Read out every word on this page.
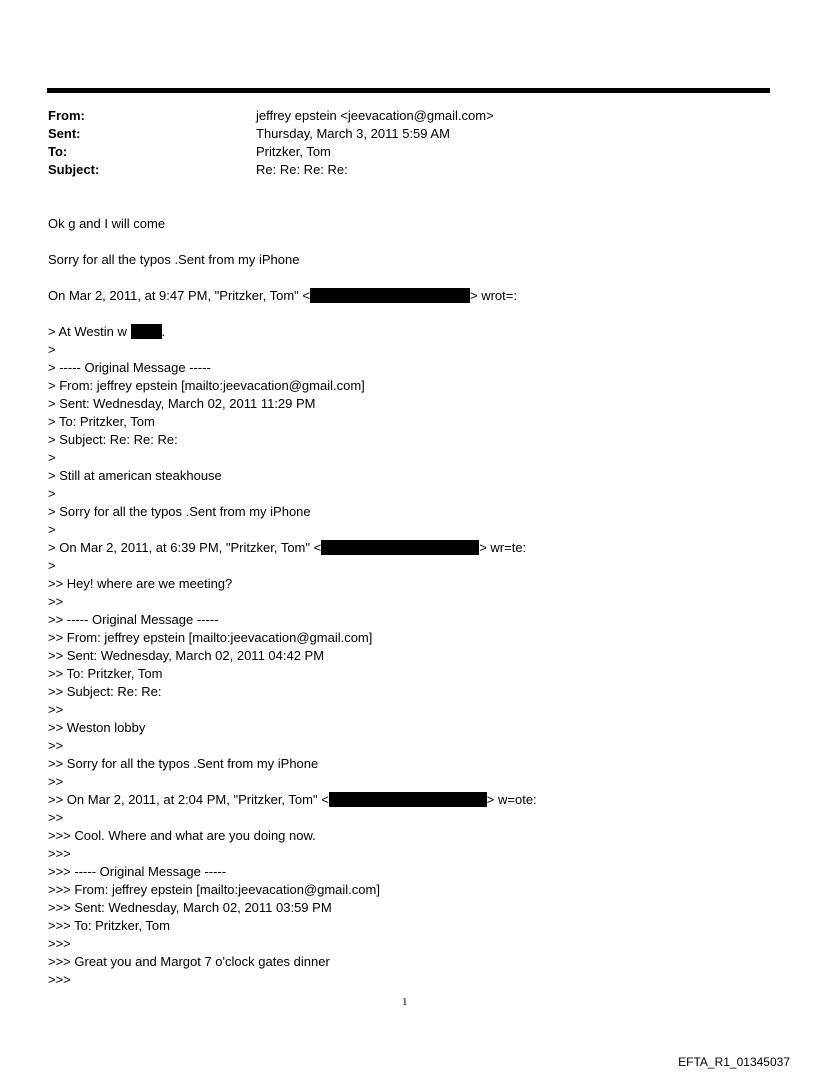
From:	jeffrey epstein <jeevacation@gmail.com>
Sent:	Thursday, March 3, 2011 5:59 AM
To:	Pritzker, Tom
Subject:	Re: Re: Re: Re:
Ok g and I will come
Sorry for all the typos .Sent from my iPhone
On Mar 2, 2011, at 9:47 PM, "Pritzker, Tom" <	> wrot=:
> At Westin w	.
>
> ----- Original Message -----
> From: jeffrey epstein [mailto:jeevacation@gmail.com]
> Sent: Wednesday, March 02, 2011 11:29 PM
> To: Pritzker, Tom
> Subject: Re: Re: Re:
>
> Still at american steakhouse
>
> Sorry for all the typos .Sent from my iPhone
>
> On Mar 2, 2011, at 6:39 PM, "Pritzker, Tom" <	> wr=te:
>
>> Hey! where are we meeting?
>>
>> ----- Original Message -----
>> From: jeffrey epstein [mailto:jeevacation@gmail.com]
>> Sent: Wednesday, March 02, 2011 04:42 PM
>> To: Pritzker, Tom
>> Subject: Re: Re:
>>
>> Weston lobby
>>
>> Sorry for all the typos .Sent from my iPhone
>>
>> On Mar 2, 2011, at 2:04 PM, "Pritzker, Tom" <	> w=ote:
>>
>>> Cool. Where and what are you doing now.
>>>
>>> ----- Original Message -----
>>> From: jeffrey epstein [mailto:jeevacation@gmail.com]
>>> Sent: Wednesday, March 02, 2011 03:59 PM
>>> To: Pritzker, Tom
>>>
>>> Great you and Margot 7 o'clock gates dinner
>>>
1
EFTA_R1_01345037
